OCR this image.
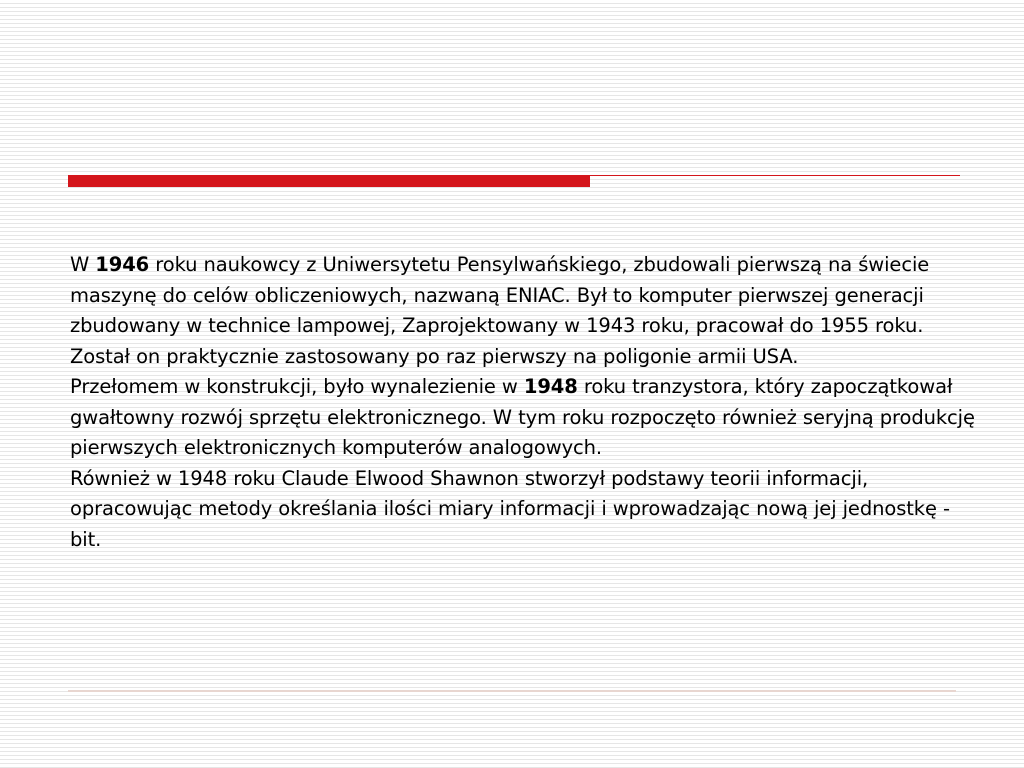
W 1946 roku naukowcy z Uniwersytetu Pensylwańskiego, zbudowali pierwszą na świecie maszynę do celów obliczeniowych, nazwaną ENIAC. Był to komputer pierwszej generacji zbudowany w technice lampowej, Zaprojektowany w 1943 roku, pracował do 1955 roku. Został on praktycznie zastosowany po raz pierwszy na poligonie armii USA.

Przełomem w konstrukcji, było wynalezienie w 1948 roku tranzystora, który zapoczątkował gwałtowny rozwój sprzętu elektronicznego. W tym roku rozpoczęto również seryjną produkcję pierwszych elektronicznych komputerów analogowych.

Również w 1948 roku Claude Elwood Shawnon stworzył podstawy teorii informacji, opracowując metody określania ilości miary informacji i wprowadzając nową jej jednostkę - bit.
